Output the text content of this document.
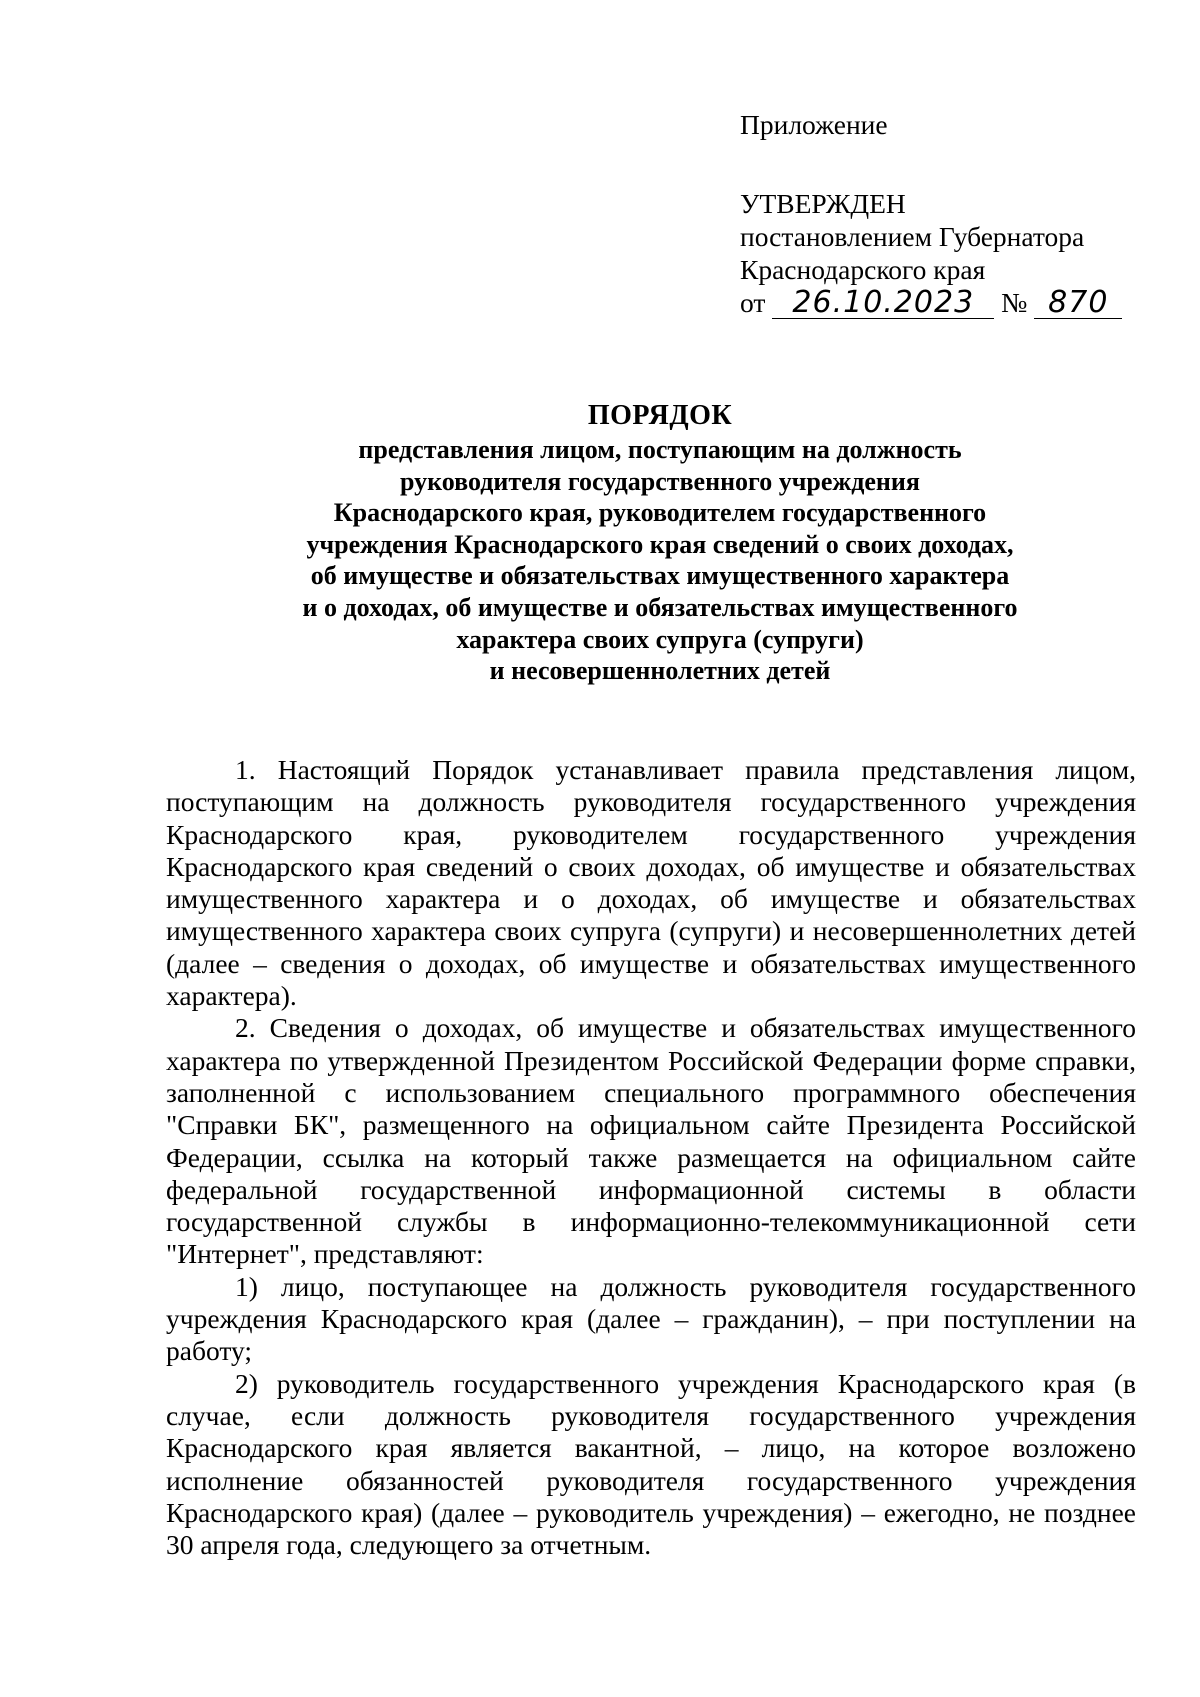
Приложение
УТВЕРЖДЕН
постановлением Губернатора
Краснодарского края
от 26.10.2023 № 870
ПОРЯДОК
представления лицом, поступающим на должность
руководителя государственного учреждения
Краснодарского края, руководителем государственного
учреждения Краснодарского края сведений о своих доходах,
об имуществе и обязательствах имущественного характера
и о доходах, об имуществе и обязательствах имущественного
характера своих супруга (супруги)
и несовершеннолетних детей

1. Настоящий Порядок устанавливает правила представления лицом, поступающим на должность руководителя государственного учреждения Краснодарского края, руководителем государственного учреждения Краснодарского края сведений о своих доходах, об имуществе и обязательствах имущественного характера и о доходах, об имуществе и обязательствах имущественного характера своих супруга (супруги) и несовершеннолетних детей (далее – сведения о доходах, об имуществе и обязательствах имущественного характера).

2. Сведения о доходах, об имуществе и обязательствах имущественного характера по утвержденной Президентом Российской Федерации форме справки, заполненной с использованием специального программного обеспечения "Справки БК", размещенного на официальном сайте Президента Российской Федерации, ссылка на который также размещается на официальном сайте федеральной государственной информационной системы в области государственной службы в информационно-телекоммуникационной сети "Интернет", представляют:

1) лицо, поступающее на должность руководителя государственного учреждения Краснодарского края (далее – гражданин), – при поступлении на работу;

2) руководитель государственного учреждения Краснодарского края (в случае, если должность руководителя государственного учреждения Краснодарского края является вакантной, – лицо, на которое возложено исполнение обязанностей руководителя государственного учреждения Краснодарского края) (далее – руководитель учреждения) – ежегодно, не позднее 30 апреля года, следующего за отчетным.
